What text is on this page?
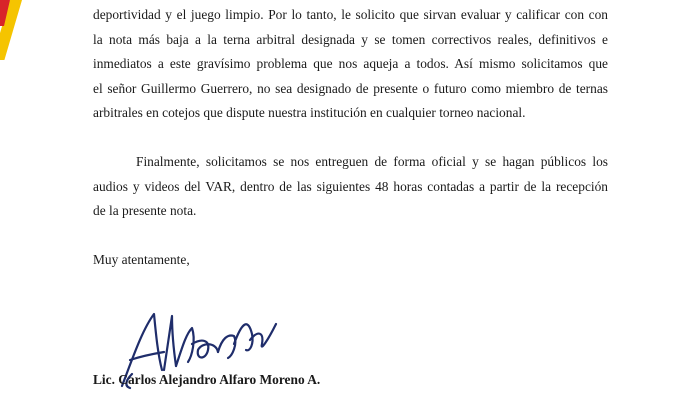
deportividad y el juego limpio. Por lo tanto, le solicito que sirvan evaluar y calificar con con
la nota más baja a la terna arbitral designada y se tomen correctivos reales, definitivos e
inmediatos a este gravísimo problema que nos aqueja a todos. Así mismo solicitamos que
el señor Guillermo Guerrero, no sea designado de presente o futuro como miembro de ternas
arbitrales en cotejos que dispute nuestra institución en cualquier torneo nacional.
Finalmente, solicitamos se nos entreguen de forma oficial y se hagan públicos los
audios y videos del VAR, dentro de las siguientes 48 horas contadas a partir de la recepción
de la presente nota.

Muy atentamente,

Lic. Carlos Alejandro Alfaro Moreno A.
